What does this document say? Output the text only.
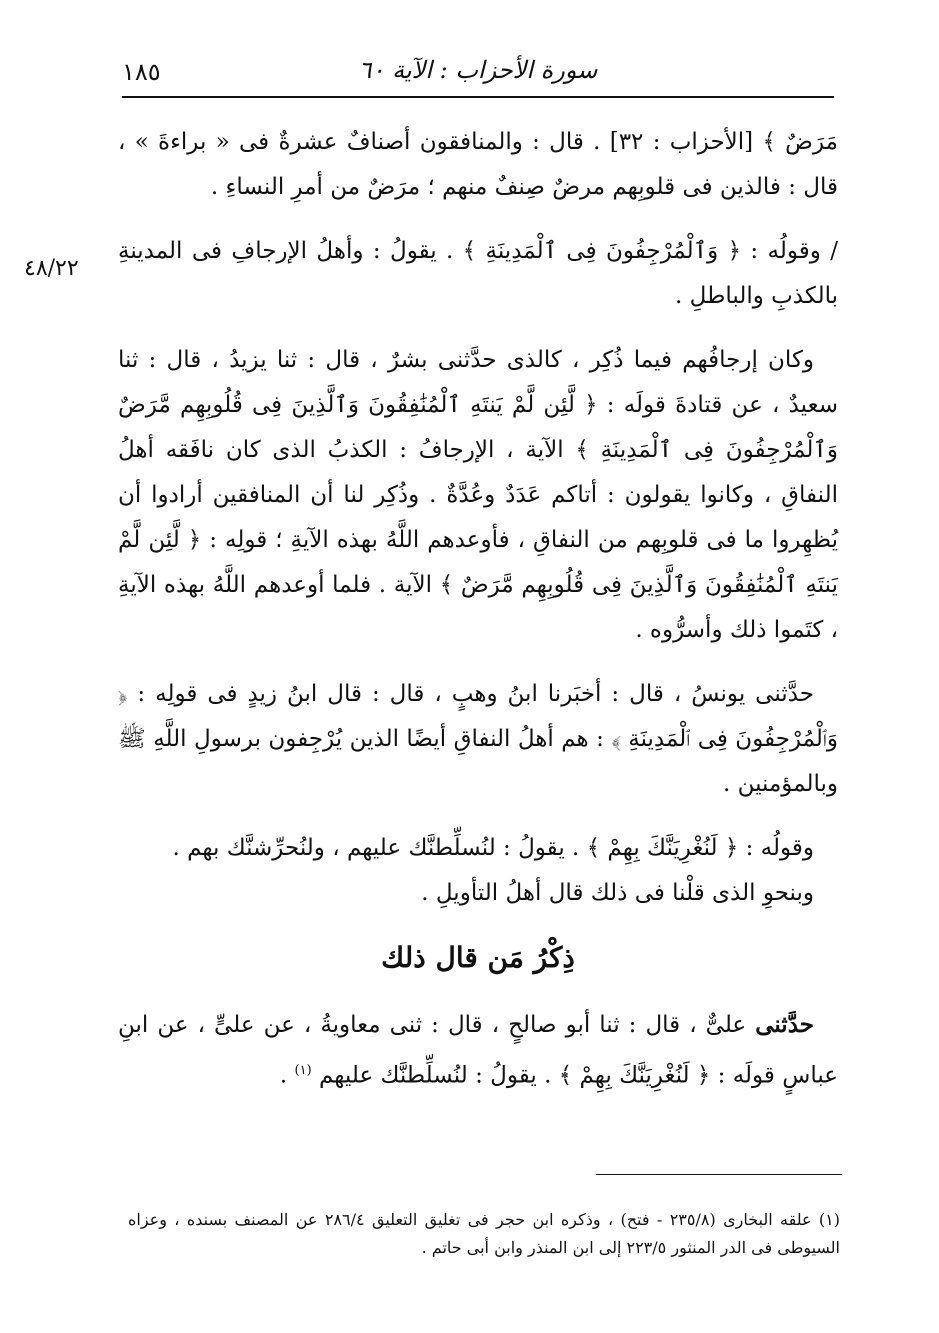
١٨٥	سورة الأحزاب : الآية ٦٠
٤٨/٢٢

مَرَضٌ ﴾ [الأحزاب : ٣٢] . قال : والمنافقون أصنافٌ عشرةٌ فى « براءةَ » ، قال : فالذين فى قلوبِهم مرضٌ صِنفٌ منهم ؛ مرَضٌ من أمرِ النساءِ .

/ وقولُه : ﴿ وَٱلْمُرْجِفُونَ فِى ٱلْمَدِينَةِ ﴾ . يقولُ : وأهلُ الإرجافِ فى المدينةِ بالكذبِ والباطلِ .

وكان إرجافُهم فيما ذُكِر ، كالذى حدَّثنى بشرٌ ، قال : ثنا يزيدُ ، قال : ثنا سعيدٌ ، عن قتادةَ قولَه : ﴿ لَّئِن لَّمْ يَنتَهِ ٱلْمُنَٰفِقُونَ وَٱلَّذِينَ فِى قُلُوبِهِم مَّرَضٌ وَٱلْمُرْجِفُونَ فِى ٱلْمَدِينَةِ ﴾ الآية ، الإرجافُ : الكذبُ الذى كان نافَقه أهلُ النفاقِ ، وكانوا يقولون : أتاكم عَدَدٌ وعُدَّةٌ . وذُكِر لنا أن المنافقين أرادوا أن يُظهِروا ما فى قلوبِهم من النفاقِ ، فأوعدهم اللَّهُ بهذه الآيةِ ؛ قولِه : ﴿ لَّئِن لَّمْ يَنتَهِ ٱلْمُنَٰفِقُونَ وَٱلَّذِينَ فِى قُلُوبِهِم مَّرَضٌ ﴾ الآية . فلما أوعدهم اللَّهُ بهذه الآيةِ ، كتَموا ذلك وأسرُّوه .

حدَّثنى يونسُ ، قال : أخبَرنا ابنُ وهبٍ ، قال : قال ابنُ زيدٍ فى قولِه : ﴿ وَٱلْمُرْجِفُونَ فِى ٱلْمَدِينَةِ ﴾ : هم أهلُ النفاقِ أيضًا الذين يُرْجِفون برسولِ اللَّهِ ﷺ وبالمؤمنين .

وقولُه : ﴿ لَنُغْرِيَنَّكَ بِهِمْ ﴾ . يقولُ : لنُسلِّطنَّك عليهم ، ولنُحرِّشنَّك بهم .

وبنحوِ الذى قلْنا فى ذلك قال أهلُ التأويلِ .

ذِكْرُ مَن قال ذلك

حدَّثنى علىٌّ ، قال : ثنا أبو صالحٍ ، قال : ثنى معاويةُ ، عن علىٍّ ، عن ابنِ عباسٍ قولَه : ﴿ لَنُغْرِيَنَّكَ بِهِمْ ﴾ . يقولُ : لنُسلِّطنَّك عليهم $^{(١)}$ .

(١) علقه البخارى (٢٣٥/٨ - فتح) ، وذكره ابن حجر فى تغليق التعليق ٢٨٦/٤ عن المصنف بسنده ، وعزاه السيوطى فى الدر المنثور ٢٢٣/٥ إلى ابن المنذر وابن أبى حاتم .
